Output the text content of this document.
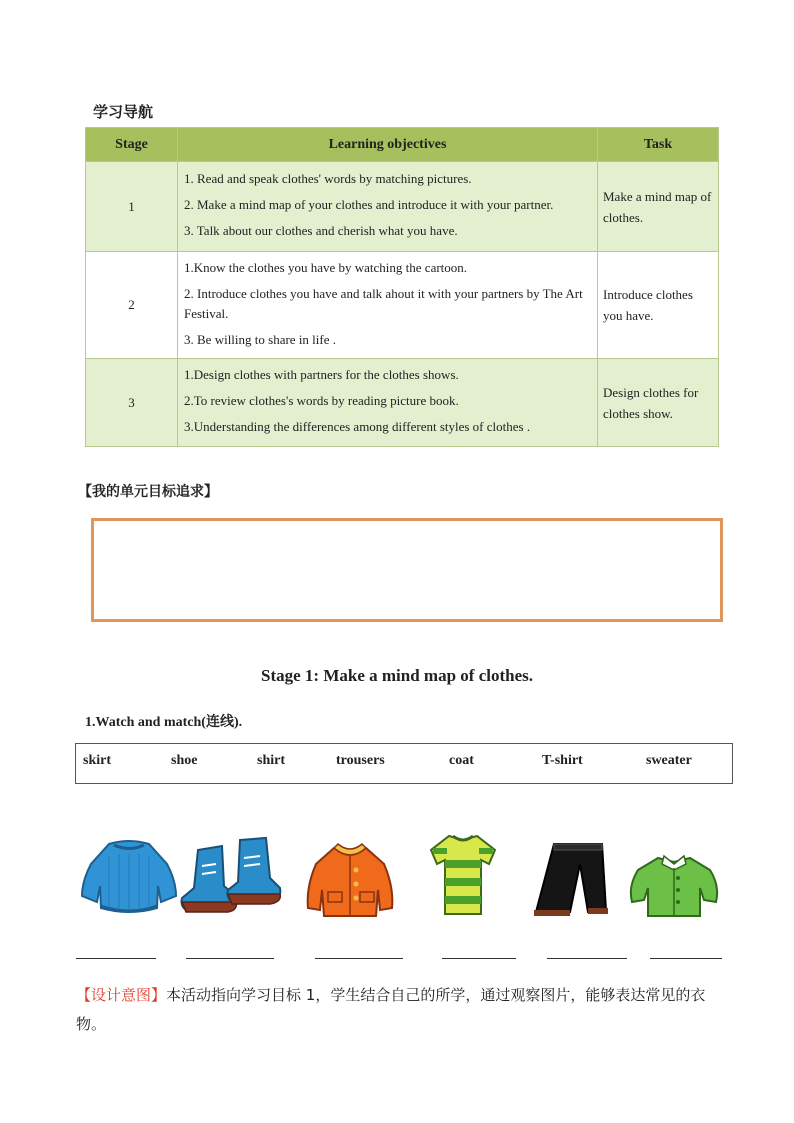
学习导航
Stage	Learning objectives	Task
1	1. Read and speak clothes' words by matching pictures.

2. Make a mind map of your clothes and introduce it with your partner.

3. Talk about our clothes and cherish what you have.	Make a mind map of clothes.
2	1.Know the clothes you have by watching the cartoon.

2. Introduce clothes you have and talk ahout it with your partners by The Art Festival.

3. Be willing to share in life .	Introduce clothes you have.
3	1.Design clothes with partners for the clothes shows.

2.To review clothes's words by reading picture book.

3.Understanding the differences among different styles of clothes .	Design clothes for clothes show.
【我的单元目标追求】
Stage 1: Make a mind map of clothes.
1.Watch and match(连线).
skirt	shoe	shirt	trousers	coat	T-shirt	sweater
【设计意图】本活动指向学习目标 1，学生结合自己的所学，通过观察图片，能够表达常见的衣物。
